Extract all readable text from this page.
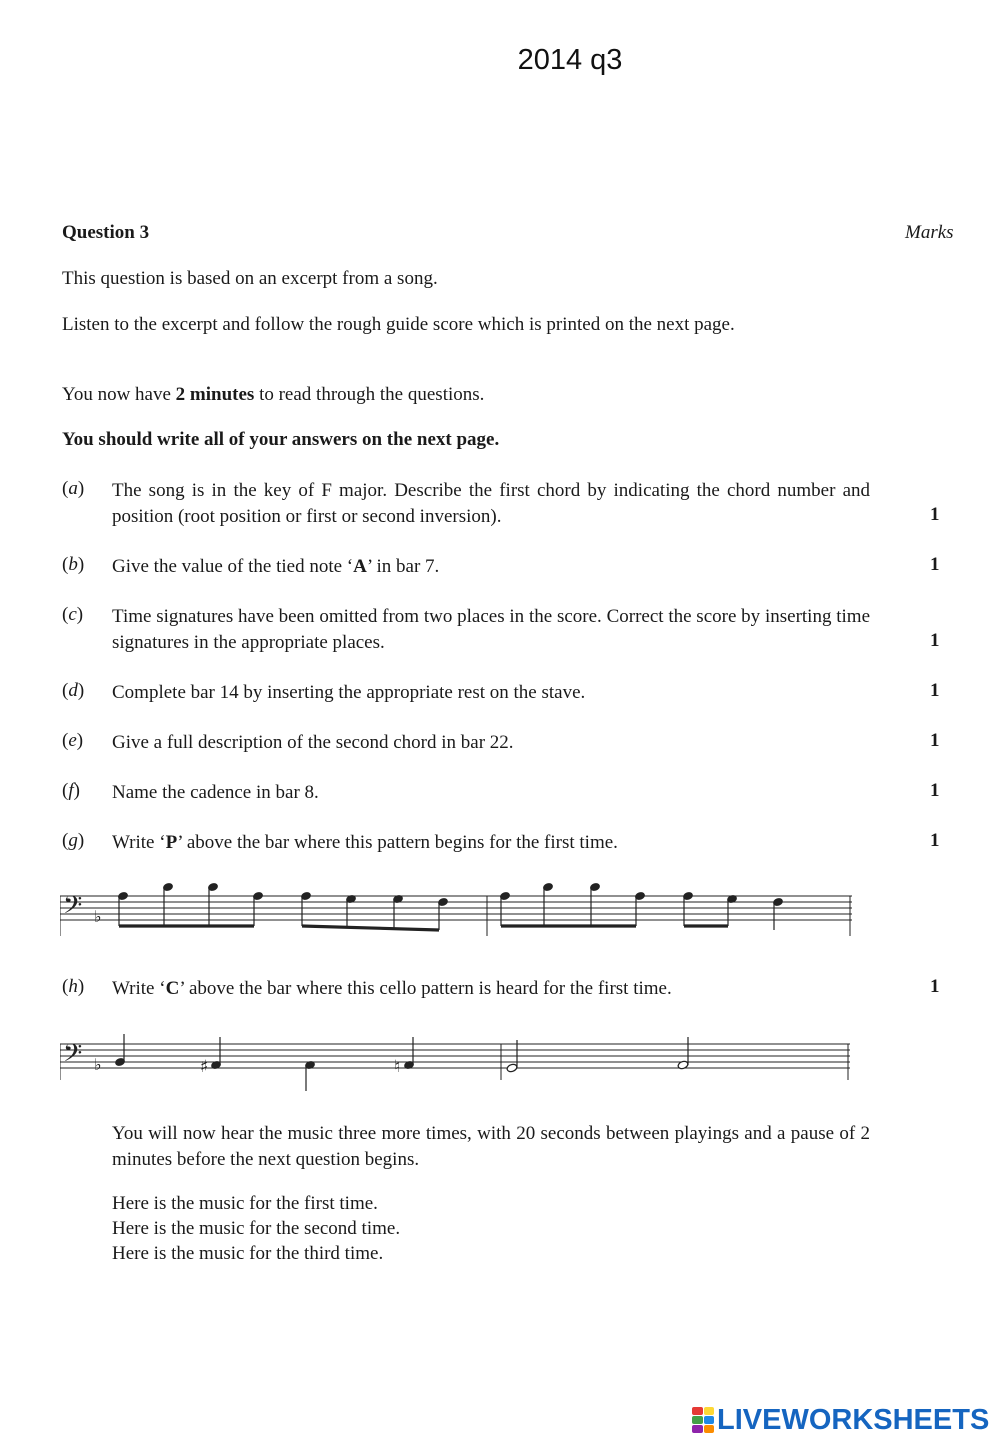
2014 q3
Question 3	Marks
This question is based on an excerpt from a song.
Listen to the excerpt and follow the rough guide score which is printed on the next page.
You now have 2 minutes to read through the questions.
You should write all of your answers on the next page.
(a) The song is in the key of F major. Describe the first chord by indicating the chord number and position (root position or first or second inversion).	1
(b) Give the value of the tied note ‘A’ in bar 7.	1
(c) Time signatures have been omitted from two places in the score. Correct the score by inserting time signatures in the appropriate places.	1
(d) Complete bar 14 by inserting the appropriate rest on the stave.	1
(e) Give a full description of the second chord in bar 22.	1
(f) Name the cadence in bar 8.	1
(g) Write ‘P’ above the bar where this pattern begins for the first time.	1
𝄢 ♭
(h) Write ‘C’ above the bar where this cello pattern is heard for the first time.	1
𝄢 ♭	♯	♮
You will now hear the music three more times, with 20 seconds between playings and a pause of 2 minutes before the next question begins.
Here is the music for the first time.
Here is the music for the second time.
Here is the music for the third time.
LIVEWORKSHEETS
